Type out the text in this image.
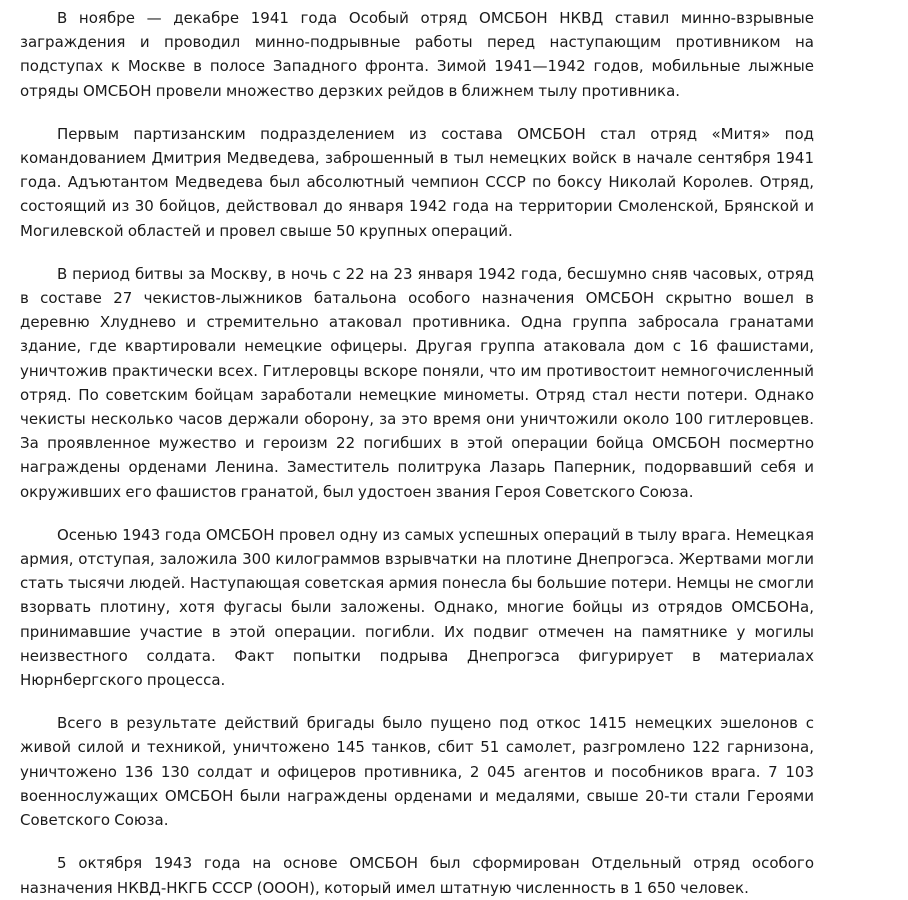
В ноябре — декабре 1941 года Особый отряд ОМСБОН НКВД ставил минно-взрывные заграждения и проводил минно-подрывные работы перед наступающим противником на подступах к Москве в полосе Западного фронта. Зимой 1941—1942 годов, мобильные лыжные отряды ОМСБОН провели множество дерзких рейдов в ближнем тылу противника.

Первым партизанским подразделением из состава ОМСБОН стал отряд «Митя» под командованием Дмитрия Медведева, заброшенный в тыл немецких войск в начале сентября 1941 года. Адъютантом Медведева был абсолютный чемпион СССР по боксу Николай Королев. Отряд, состоящий из 30 бойцов, действовал до января 1942 года на территории Смоленской, Брянской и Могилевской областей и провел свыше 50 крупных операций.

В период битвы за Москву, в ночь с 22 на 23 января 1942 года, бесшумно сняв часовых, отряд в составе 27 чекистов-лыжников батальона особого назначения ОМСБОН скрытно вошел в деревню Хлуднево и стремительно атаковал противника. Одна группа забросала гранатами здание, где квартировали немецкие офицеры. Другая группа атаковала дом с 16 фашистами, уничтожив практически всех. Гитлеровцы вскоре поняли, что им противостоит немногочисленный отряд. По советским бойцам заработали немецкие минометы. Отряд стал нести потери. Однако чекисты несколько часов держали оборону, за это время они уничтожили около 100 гитлеровцев. За проявленное мужество и героизм 22 погибших в этой операции бойца ОМСБОН посмертно награждены орденами Ленина. Заместитель политрука Лазарь Паперник, подорвавший себя и окруживших его фашистов гранатой, был удостоен звания Героя Советского Союза.

Осенью 1943 года ОМСБОН провел одну из самых успешных операций в тылу врага. Немецкая армия, отступая, заложила 300 килограммов взрывчатки на плотине Днепрогэса. Жертвами могли стать тысячи людей. Наступающая советская армия понесла бы большие потери. Немцы не смогли взорвать плотину, хотя фугасы были заложены. Однако, многие бойцы из отрядов ОМСБОНа, принимавшие участие в этой операции. погибли. Их подвиг отмечен на памятнике у могилы неизвестного солдата. Факт попытки подрыва Днепрогэса фигурирует в материалах Нюрнбергского процесса.

Всего в результате действий бригады было пущено под откос 1415 немецких эшелонов с живой силой и техникой, уничтожено 145 танков, сбит 51 самолет, разгромлено 122 гарнизона, уничтожено 136 130 солдат и офицеров противника, 2 045 агентов и пособников врага. 7 103 военнослужащих ОМСБОН были награждены орденами и медалями, свыше 20-ти стали Героями Советского Союза.

5 октября 1943 года на основе ОМСБОН был сформирован Отдельный отряд особого назначения НКВД-НКГБ СССР (ОООН), который имел штатную численность в 1 650 человек.
